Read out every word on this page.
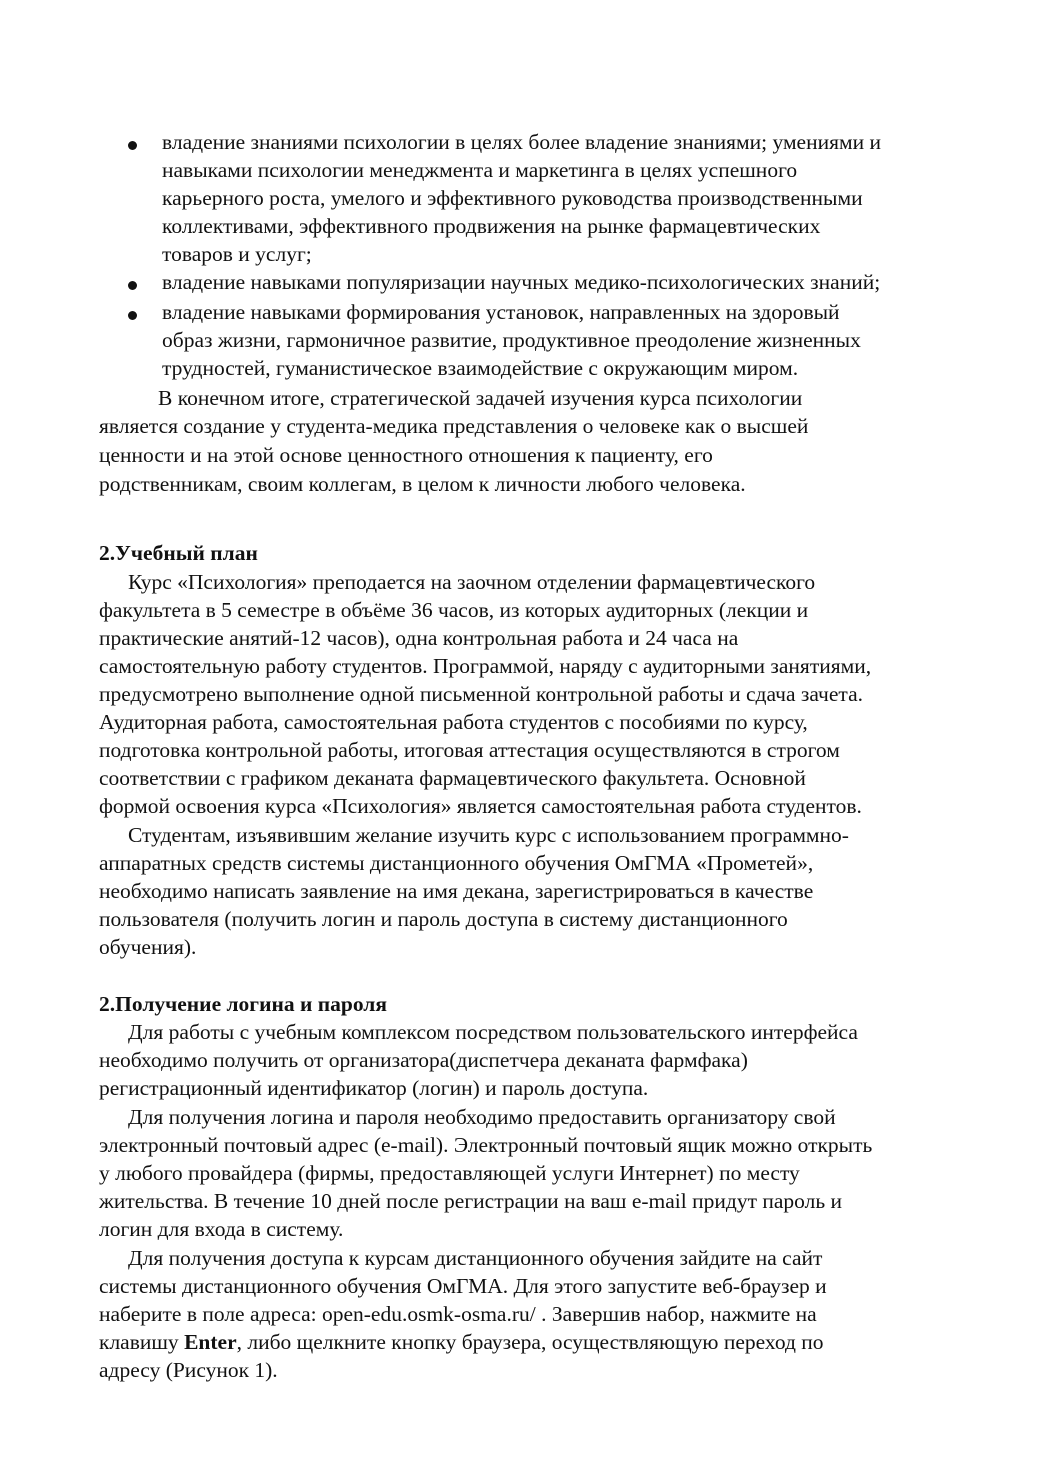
владение знаниями психологии в целях более владение знаниями; умениями и
навыками психологии менеджмента и маркетинга в целях успешного
карьерного роста, умелого и эффективного руководства производственными
коллективами, эффективного продвижения на рынке фармацевтических
товаров и услуг;
владение навыками популяризации научных медико-психологических знаний;
владение навыками формирования установок, направленных на здоровый
образ жизни, гармоничное развитие, продуктивное преодоление жизненных
трудностей, гуманистическое взаимодействие с окружающим миром.
В конечном итоге, стратегической задачей изучения курса психологии
является создание у студента-медика представления о человеке как о высшей
ценности и на этой основе ценностного отношения к пациенту, его
родственникам, своим коллегам, в целом к личности любого человека.
2.Учебный план
Курс «Психология» преподается на заочном отделении фармацевтического
факультета в 5 семестре в объёме 36 часов, из которых аудиторных (лекции и
практические анятий-12 часов), одна контрольная работа и 24 часа на
самостоятельную работу студентов. Программой, наряду с аудиторными занятиями,
предусмотрено выполнение одной письменной контрольной работы и сдача зачета.
Аудиторная работа, самостоятельная работа студентов с пособиями по курсу,
подготовка контрольной работы, итоговая аттестация осуществляются в строгом
соответствии с графиком деканата фармацевтического факультета. Основной
формой освоения курса «Психология» является самостоятельная работа студентов.
Студентам, изъявившим желание изучить курс с использованием программно-
аппаратных средств системы дистанционного обучения ОмГМА «Прометей»,
необходимо написать заявление на имя декана, зарегистрироваться в качестве
пользователя (получить логин и пароль доступа в систему дистанционного
обучения).
2.Получение логина и пароля
Для работы с учебным комплексом посредством пользовательского интерфейса
необходимо получить от организатора(диспетчера деканата фармфака)
регистрационный идентификатор (логин) и пароль доступа.
Для получения логина и пароля необходимо предоставить организатору свой
электронный почтовый адрес (e-mail). Электронный почтовый ящик можно открыть
у любого провайдера (фирмы, предоставляющей услуги Интернет) по месту
жительства. В течение 10 дней после регистрации на ваш e-mail придут пароль и
логин для входа в систему.
Для получения доступа к курсам дистанционного обучения зайдите на сайт
системы дистанционного обучения ОмГМА. Для этого запустите веб-браузер и
наберите в поле адреса: open-edu.osmk-osma.ru/ . Завершив набор, нажмите на
клавишу Enter, либо щелкните кнопку браузера, осуществляющую переход по
адресу (Рисунок 1).
